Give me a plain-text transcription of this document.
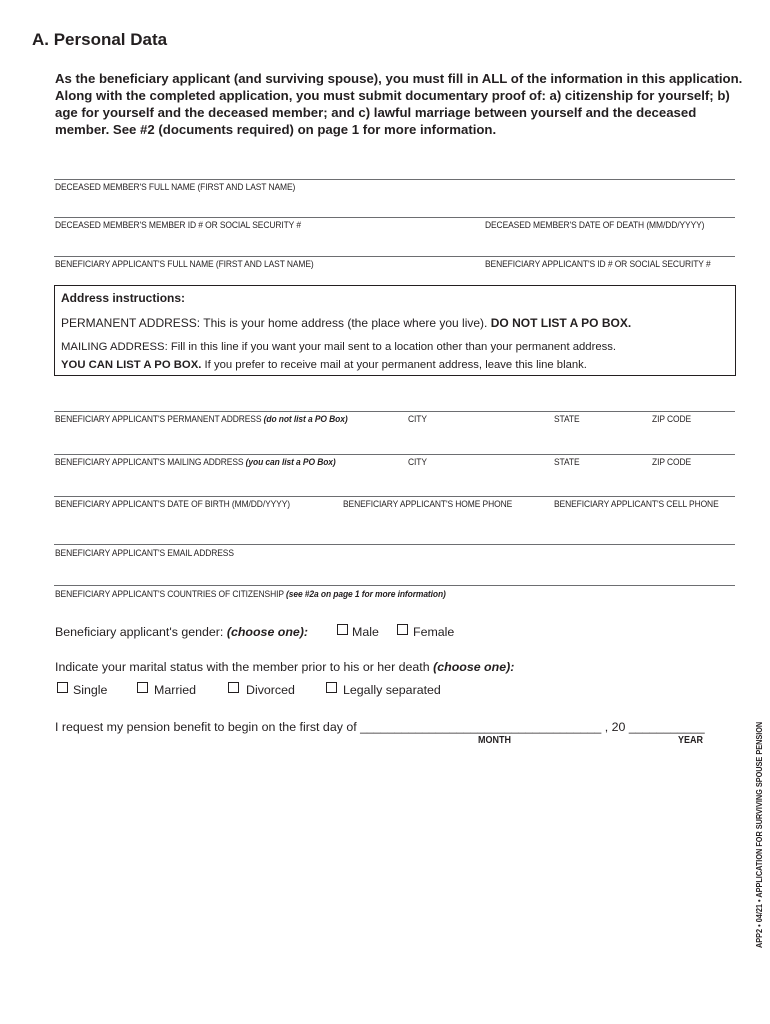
A. Personal Data
As the beneficiary applicant (and surviving spouse), you must fill in ALL of the information in this application. Along with the completed application, you must submit documentary proof of: a) citizenship for yourself; b) age for yourself and the deceased member; and c) lawful marriage between yourself and the deceased member. See #2 (documents required) on page 1 for more information.
DECEASED MEMBER'S FULL NAME (FIRST AND LAST NAME)
DECEASED MEMBER'S MEMBER ID # OR SOCIAL SECURITY #	DECEASED MEMBER'S DATE OF DEATH (MM/DD/YYYY)
BENEFICIARY APPLICANT'S FULL NAME (FIRST AND LAST NAME)	BENEFICIARY APPLICANT'S ID # OR SOCIAL SECURITY #
Address instructions:
PERMANENT ADDRESS: This is your home address (the place where you live). DO NOT LIST A PO BOX.
MAILING ADDRESS: Fill in this line if you want your mail sent to a location other than your permanent address.
YOU CAN LIST A PO BOX. If you prefer to receive mail at your permanent address, leave this line blank.
BENEFICIARY APPLICANT'S PERMANENT ADDRESS (do not list a PO Box)	CITY	STATE	ZIP CODE
BENEFICIARY APPLICANT'S MAILING ADDRESS (you can list a PO Box)	CITY	STATE	ZIP CODE
BENEFICIARY APPLICANT'S DATE OF BIRTH (MM/DD/YYYY)	BENEFICIARY APPLICANT'S HOME PHONE	BENEFICIARY APPLICANT'S CELL PHONE
BENEFICIARY APPLICANT'S EMAIL ADDRESS
BENEFICIARY APPLICANT'S COUNTRIES OF CITIZENSHIP (see #2a on page 1 for more information)
Beneficiary applicant's gender: (choose one):	Male	Female
Indicate your marital status with the member prior to his or her death (choose one):
Single	Married	Divorced	Legally separated
I request my pension benefit to begin on the first day of ___________________________________ , 20 ___________
MONTH	YEAR	APP2 • 04/21 • APPLICATION FOR SURVIVING SPOUSE PENSION
